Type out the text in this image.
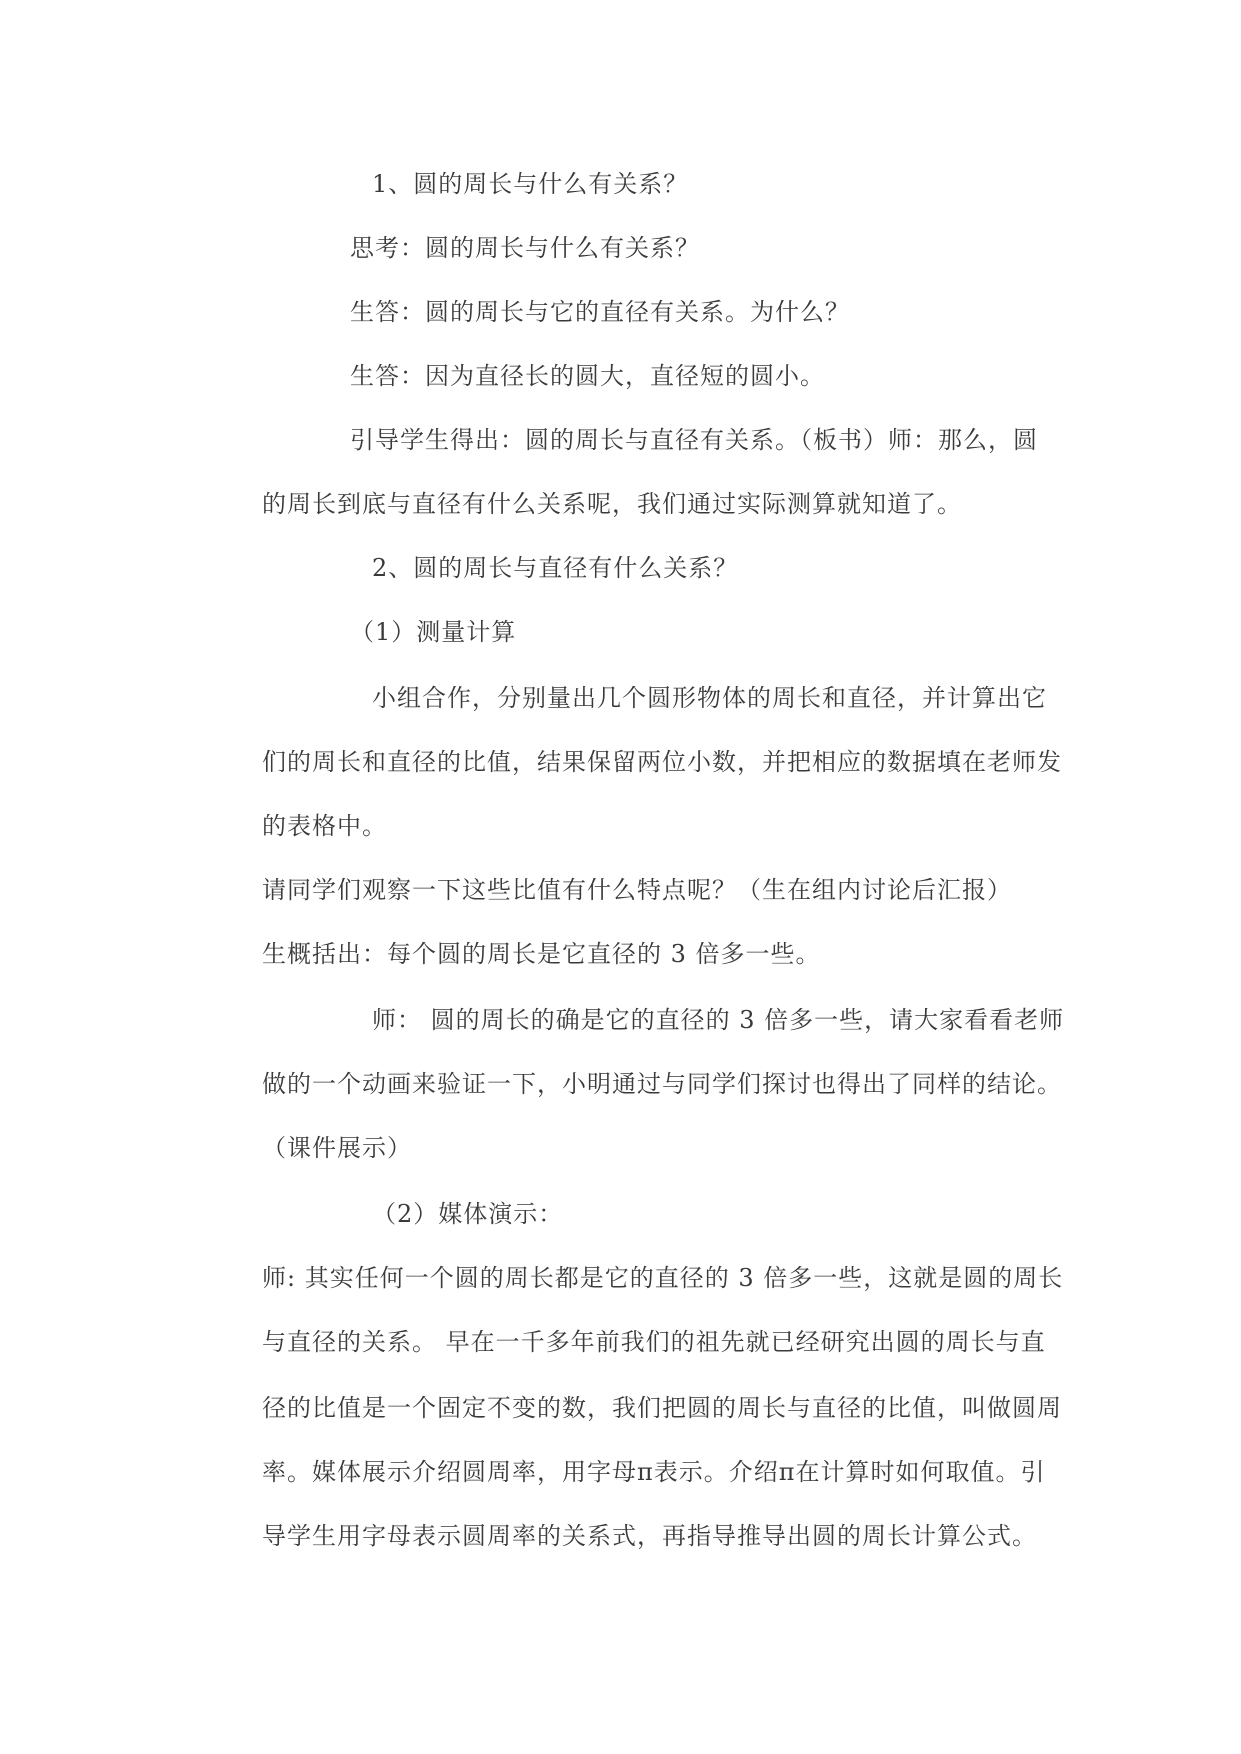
1、圆的周长与什么有关系？
思考：圆的周长与什么有关系？
生答：圆的周长与它的直径有关系。为什么？
生答：因为直径长的圆大，直径短的圆小。
引导学生得出：圆的周长与直径有关系。（板书）师：那么，圆
的周长到底与直径有什么关系呢，我们通过实际测算就知道了。
2、圆的周长与直径有什么关系？
（1）测量计算
小组合作，分别量出几个圆形物体的周长和直径，并计算出它
们的周长和直径的比值，结果保留两位小数，并把相应的数据填在老师发
的表格中。
请同学们观察一下这些比值有什么特点呢？（生在组内讨论后汇报）
生概括出：每个圆的周长是它直径的 3 倍多一些。
师： 圆的周长的确是它的直径的 3 倍多一些，请大家看看老师
做的一个动画来验证一下，小明通过与同学们探讨也得出了同样的结论。
（课件展示）
（2）媒体演示：
师: 其实任何一个圆的周长都是它的直径的 3 倍多一些，这就是圆的周长
与直径的关系。 早在一千多年前我们的祖先就已经研究出圆的周长与直
径的比值是一个固定不变的数，我们把圆的周长与直径的比值，叫做圆周
率。媒体展示介绍圆周率，用字母π表示。介绍π在计算时如何取值。引
导学生用字母表示圆周率的关系式，再指导推导出圆的周长计算公式。
